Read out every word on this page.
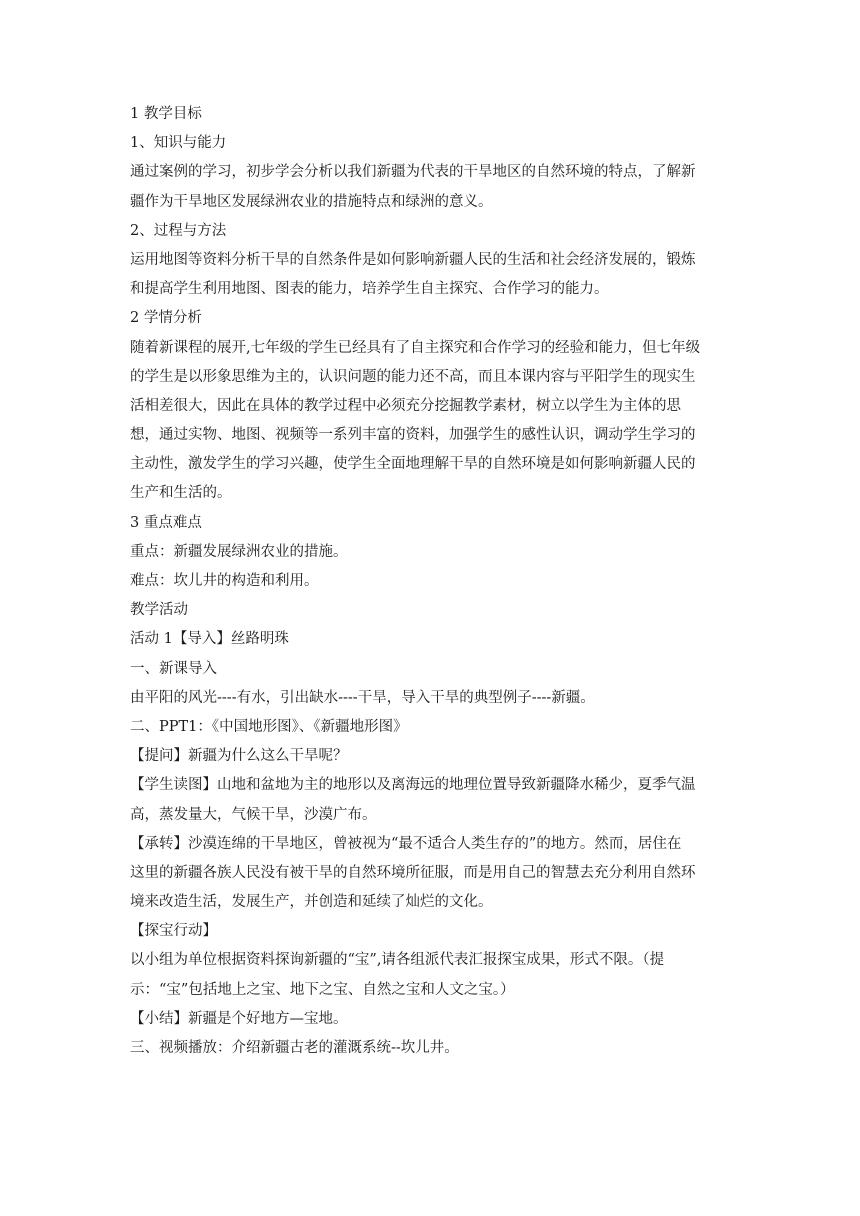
1 教学目标
1、知识与能力
通过案例的学习，初步学会分析以我们新疆为代表的干旱地区的自然环境的特点，了解新
疆作为干旱地区发展绿洲农业的措施特点和绿洲的意义。
2、过程与方法
运用地图等资料分析干旱的自然条件是如何影响新疆人民的生活和社会经济发展的，锻炼
和提高学生利用地图、图表的能力，培养学生自主探究、合作学习的能力。
2 学情分析
随着新课程的展开,七年级的学生已经具有了自主探究和合作学习的经验和能力，但七年级
的学生是以形象思维为主的，认识问题的能力还不高，而且本课内容与平阳学生的现实生
活相差很大，因此在具体的教学过程中必须充分挖掘教学素材，树立以学生为主体的思
想，通过实物、地图、视频等一系列丰富的资料，加强学生的感性认识，调动学生学习的
主动性，激发学生的学习兴趣，使学生全面地理解干旱的自然环境是如何影响新疆人民的
生产和生活的。
3 重点难点
重点：新疆发展绿洲农业的措施。
难点：坎儿井的构造和利用。
教学活动
活动 1【导入】丝路明珠
一、新课导入
由平阳的风光----有水，引出缺水----干旱，导入干旱的典型例子----新疆。
二、PPT1：《中国地形图》、《新疆地形图》
【提问】新疆为什么这么干旱呢？
【学生读图】山地和盆地为主的地形以及离海远的地理位置导致新疆降水稀少，夏季气温
高，蒸发量大，气候干旱，沙漠广布。
【承转】沙漠连绵的干旱地区，曾被视为“最不适合人类生存的”的地方。然而，居住在
这里的新疆各族人民没有被干旱的自然环境所征服，而是用自己的智慧去充分利用自然环
境来改造生活，发展生产，并创造和延续了灿烂的文化。
【探宝行动】
以小组为单位根据资料探询新疆的“宝”,请各组派代表汇报探宝成果，形式不限。（提
示：“宝”包括地上之宝、地下之宝、自然之宝和人文之宝。）
【小结】新疆是个好地方—宝地。
三、视频播放：介绍新疆古老的灌溉系统--坎儿井。
